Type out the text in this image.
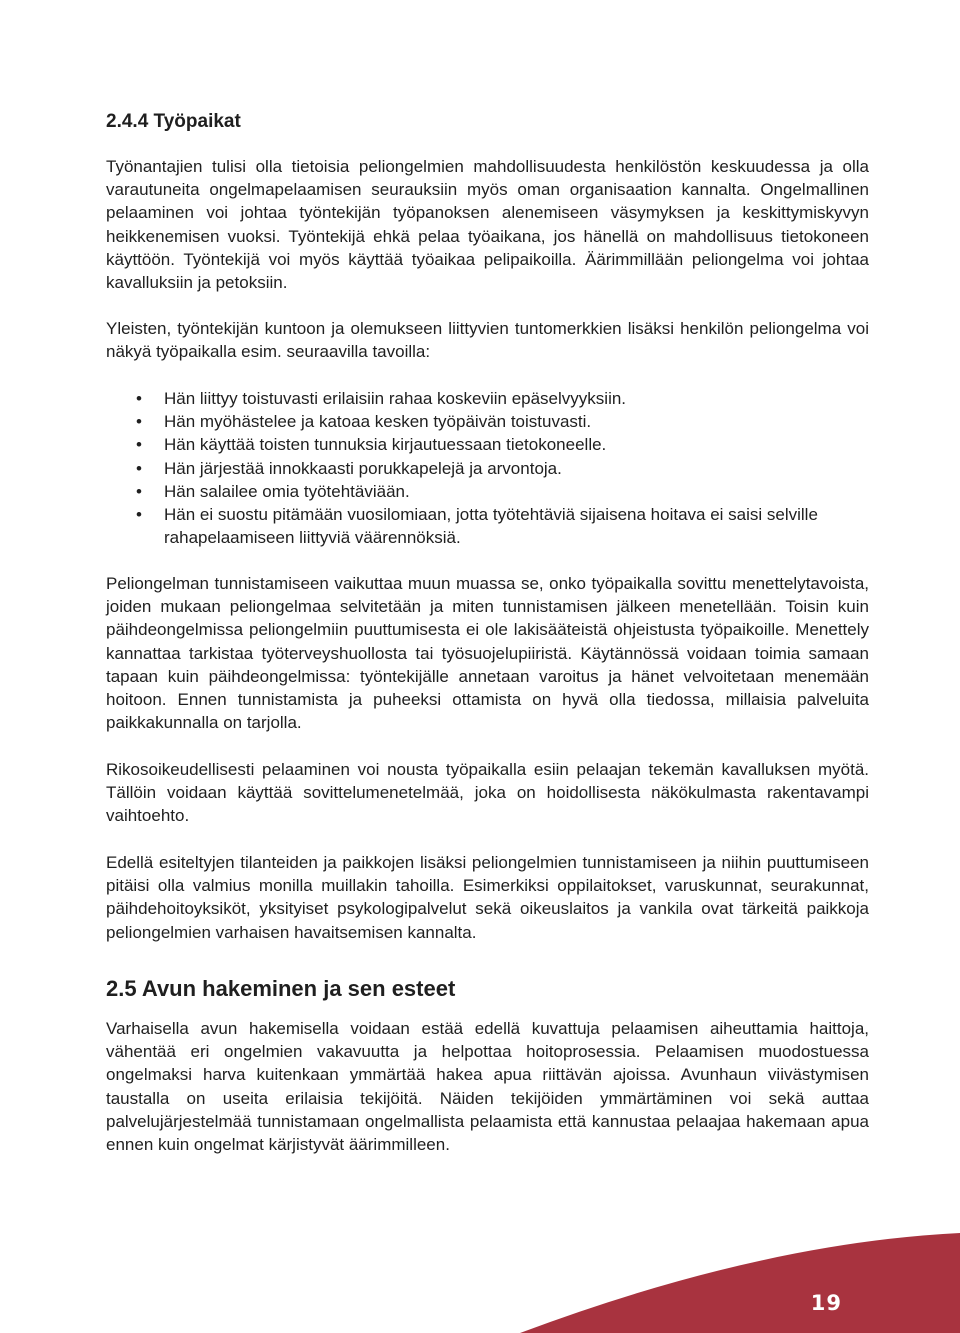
2.4.4 Työpaikat

Työnantajien tulisi olla tietoisia peliongelmien mahdollisuudesta henkilöstön keskuudessa ja olla varautuneita ongelmapelaamisen seurauksiin myös oman organisaation kannalta. Ongelmallinen pelaaminen voi johtaa työntekijän työpanoksen alenemiseen väsymyksen ja keskittymiskyvyn heikkenemisen vuoksi. Työntekijä ehkä pelaa työaikana, jos hänellä on mahdollisuus tietokoneen käyttöön. Työntekijä voi myös käyttää työaikaa pelipaikoilla. Äärimmillään peliongelma voi johtaa kavalluksiin ja petoksiin.

Yleisten, työntekijän kuntoon ja olemukseen liittyvien tuntomerkkien lisäksi henkilön peliongelma voi näkyä työpaikalla esim. seuraavilla tavoilla:

• Hän liittyy toistuvasti erilaisiin rahaa koskeviin epäselvyyksiin.
• Hän myöhästelee ja katoaa kesken työpäivän toistuvasti.
• Hän käyttää toisten tunnuksia kirjautuessaan tietokoneelle.
• Hän järjestää innokkaasti porukkapelejä ja arvontoja.
• Hän salailee omia työtehtäviään.
• Hän ei suostu pitämään vuosilomiaan, jotta työtehtäviä sijaisena hoitava ei saisi selville rahapelaamiseen liittyviä väärennöksiä.

Peliongelman tunnistamiseen vaikuttaa muun muassa se, onko työpaikalla sovittu menettelytavoista, joiden mukaan peliongelmaa selvitetään ja miten tunnistamisen jälkeen menetellään. Toisin kuin päihdeongelmissa peliongelmiin puuttumisesta ei ole lakisääteistä ohjeistusta työpaikoille. Menettely kannattaa tarkistaa työterveyshuollosta tai työsuojelupiiristä. Käytännössä voidaan toimia samaan tapaan kuin päihdeongelmissa: työntekijälle annetaan varoitus ja hänet velvoitetaan menemään hoitoon. Ennen tunnistamista ja puheeksi ottamista on hyvä olla tiedossa, millaisia palveluita paikkakunnalla on tarjolla.

Rikosoikeudellisesti pelaaminen voi nousta työpaikalla esiin pelaajan tekemän kavalluksen myötä. Tällöin voidaan käyttää sovittelumenetelmää, joka on hoidollisesta näkökulmasta rakentavampi vaihtoehto.

Edellä esiteltyjen tilanteiden ja paikkojen lisäksi peliongelmien tunnistamiseen ja niihin puuttumiseen pitäisi olla valmius monilla muillakin tahoilla. Esimerkiksi oppilaitokset, varuskunnat, seurakunnat, päihdehoitoyksiköt, yksityiset psykologipalvelut sekä oikeuslaitos ja vankila ovat tärkeitä paikkoja peliongelmien varhaisen havaitsemisen kannalta.

2.5 Avun hakeminen ja sen esteet

Varhaisella avun hakemisella voidaan estää edellä kuvattuja pelaamisen aiheuttamia haittoja, vähentää eri ongelmien vakavuutta ja helpottaa hoitoprosessia. Pelaamisen muodostuessa ongelmaksi harva kuitenkaan ymmärtää hakea apua riittävän ajoissa. Avunhaun viivästymisen taustalla on useita erilaisia tekijöitä. Näiden tekijöiden ymmärtäminen voi sekä auttaa palvelujärjestelmää tunnistamaan ongelmallista pelaamista että kannustaa pelaajaa hakemaan apua ennen kuin ongelmat kärjistyvät äärimmilleen.

19
